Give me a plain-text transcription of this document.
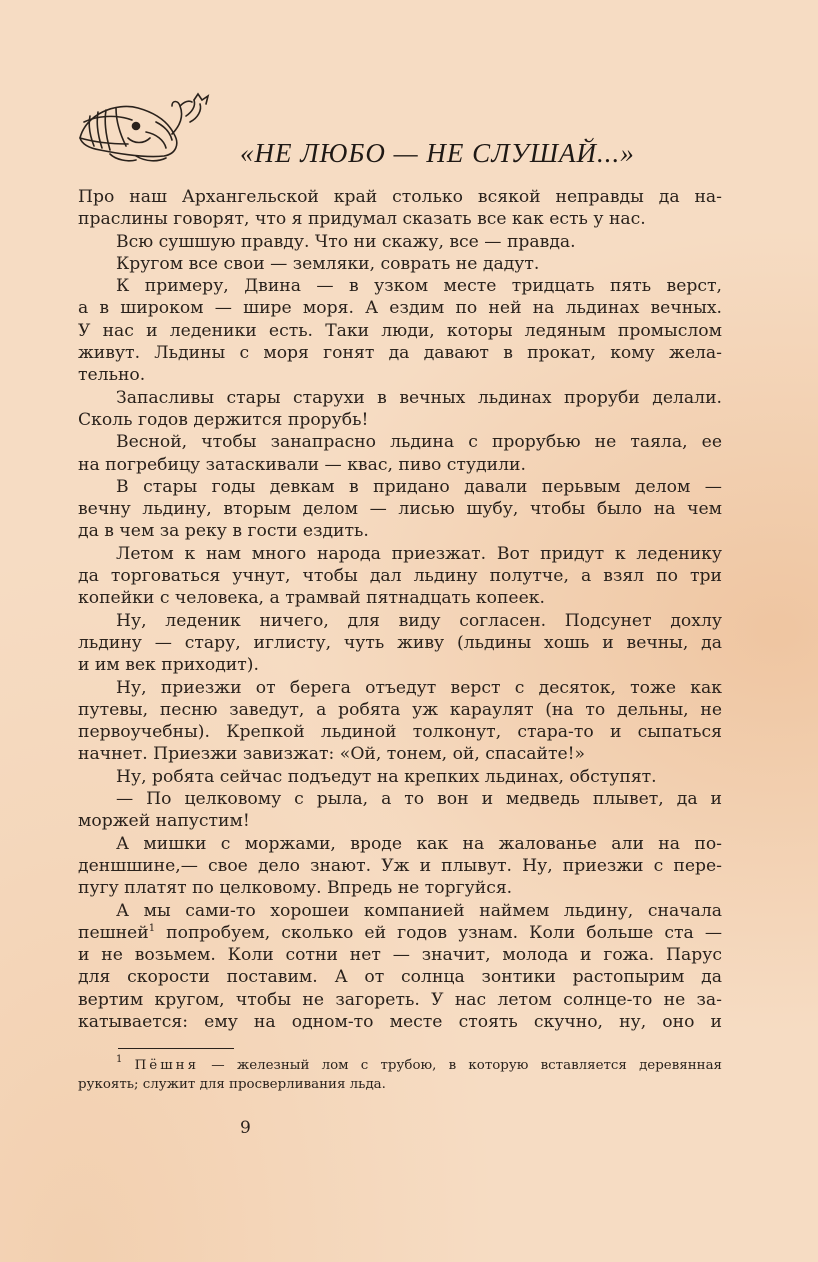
«НЕ ЛЮБО — НЕ СЛУШАЙ...»
Про наш Архангельской край столько всякой неправды да на-
праслины говорят, что я придумал сказать все как есть у нас.
Всю сушшую правду. Что ни скажу, все — правда.
Кругом все свои — земляки, соврать не дадут.
К примеру, Двина — в узком месте тридцать пять верст,
а в широком — шире моря. А ездим по ней на льдинах вечных.
У нас и леденики есть. Таки люди, которы ледяным промыслом
живут. Льдины с моря гонят да давают в прокат, кому жела-
тельно.
Запасливы стары старухи в вечных льдинах проруби делали.
Сколь годов держится прорубь!
Весной, чтобы занапрасно льдина с прорубью не таяла, ее
на погребицу затаскивали — квас, пиво студили.
В стары годы девкам в придано давали перьвым делом —
вечну льдину, вторым делом — лисью шубу, чтобы было на чем
да в чем за реку в гости ездить.
Летом к нам много народа приезжат. Вот придут к леденику
да торговаться учнут, чтобы дал льдину полутче, а взял по три
копейки с человека, а трамвай пятнадцать копеек.
Ну, леденик ничего, для виду согласен. Подсунет дохлу
льдину — стару, иглисту, чуть живу (льдины хошь и вечны, да
и им век приходит).
Ну, приезжи от берега отъедут верст с десяток, тоже как
путевы, песню заведут, а робята уж караулят (на то дельны, не
первоучебны). Крепкой льдиной толконут, стара-то и сыпаться
начнет. Приезжи завизжат: «Ой, тонем, ой, спасайте!»
Ну, робята сейчас подъедут на крепких льдинах, обступят.
— По целковому с рыла, а то вон и медведь плывет, да и
моржей напустим!
А мишки с моржами, вроде как на жалованье али на по-
деншшине,— свое дело знают. Уж и плывут. Ну, приезжи с пере-
пугу платят по целковому. Впредь не торгуйся.
А мы сами-то хорошеи компанией наймем льдину, сначала
пешней$^1$ попробуем, сколько ей годов узнам. Коли больше ста —
и не возьмем. Коли сотни нет — значит, молода и гожа. Парус
для скорости поставим. А от солнца зонтики растопырим да
вертим кругом, чтобы не загореть. У нас летом солнце-то не за-
катывается: ему на одном-то месте стоять скучно, ну, оно и
$^1$ Пёшня — железный лом с трубою, в которую вставляется деревянная
рукоять; служит для просверливания льда.
9
